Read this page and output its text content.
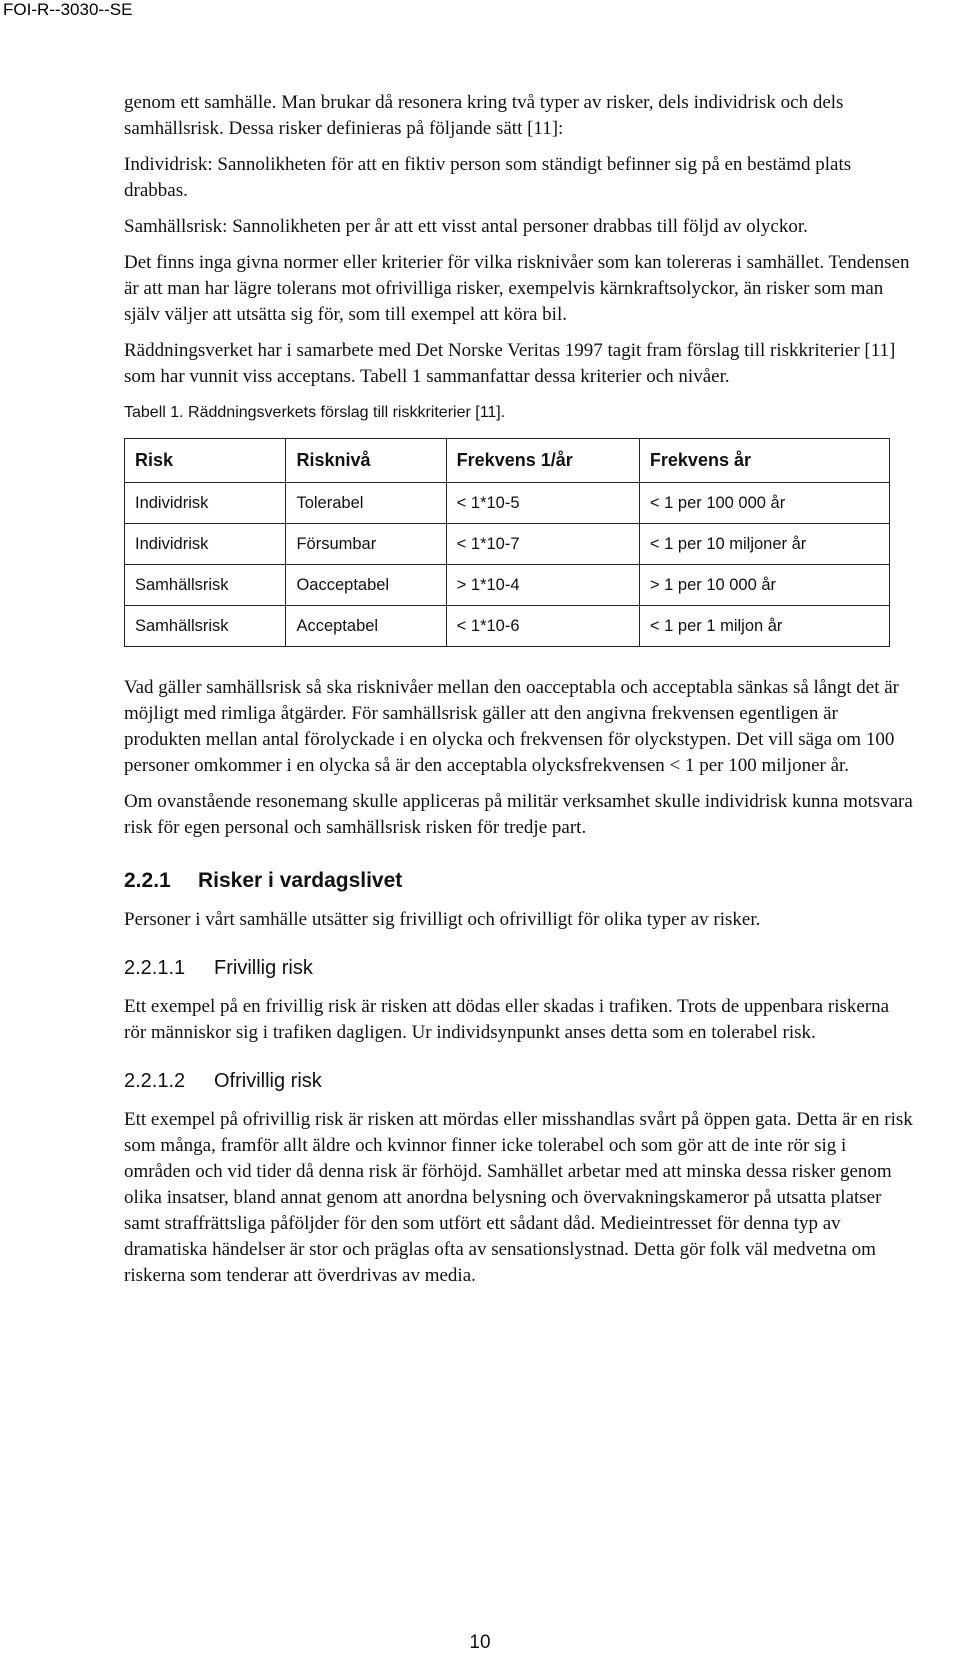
FOI-R--3030--SE

genom ett samhälle. Man brukar då resonera kring två typer av risker, dels individrisk och dels samhällsrisk. Dessa risker definieras på följande sätt [11]:

Individrisk: Sannolikheten för att en fiktiv person som ständigt befinner sig på en bestämd plats drabbas.

Samhällsrisk: Sannolikheten per år att ett visst antal personer drabbas till följd av olyckor.

Det finns inga givna normer eller kriterier för vilka risknivåer som kan tolereras i samhället. Tendensen är att man har lägre tolerans mot ofrivilliga risker, exempelvis kärnkraftsolyckor, än risker som man själv väljer att utsätta sig för, som till exempel att köra bil.

Räddningsverket har i samarbete med Det Norske Veritas 1997 tagit fram förslag till riskkriterier [11] som har vunnit viss acceptans. Tabell 1 sammanfattar dessa kriterier och nivåer.

Tabell 1. Räddningsverkets förslag till riskkriterier [11].
Risk	Risknivå	Frekvens 1/år	Frekvens år
Individrisk	Tolerabel	< 1*10-5	< 1 per 100 000 år
Individrisk	Försumbar	< 1*10-7	< 1 per 10 miljoner år
Samhällsrisk	Oacceptabel	> 1*10-4	> 1 per 10 000 år
Samhällsrisk	Acceptabel	< 1*10-6	< 1 per 1 miljon år

Vad gäller samhällsrisk så ska risknivåer mellan den oacceptabla och acceptabla sänkas så långt det är möjligt med rimliga åtgärder. För samhällsrisk gäller att den angivna frekvensen egentligen är produkten mellan antal förolyckade i en olycka och frekvensen för olyckstypen. Det vill säga om 100 personer omkommer i en olycka så är den acceptabla olycksfrekvensen < 1 per 100 miljoner år.

Om ovanstående resonemang skulle appliceras på militär verksamhet skulle individrisk kunna motsvara risk för egen personal och samhällsrisk risken för tredje part.

2.2.1 Risker i vardagslivet

Personer i vårt samhälle utsätter sig frivilligt och ofrivilligt för olika typer av risker.

2.2.1.1 Frivillig risk

Ett exempel på en frivillig risk är risken att dödas eller skadas i trafiken. Trots de uppenbara riskerna rör människor sig i trafiken dagligen. Ur individsynpunkt anses detta som en tolerabel risk.

2.2.1.2 Ofrivillig risk

Ett exempel på ofrivillig risk är risken att mördas eller misshandlas svårt på öppen gata. Detta är en risk som många, framför allt äldre och kvinnor finner icke tolerabel och som gör att de inte rör sig i områden och vid tider då denna risk är förhöjd. Samhället arbetar med att minska dessa risker genom olika insatser, bland annat genom att anordna belysning och övervakningskameror på utsatta platser samt straffrättsliga påföljder för den som utfört ett sådant dåd. Medieintresset för denna typ av dramatiska händelser är stor och präglas ofta av sensationslystnad. Detta gör folk väl medvetna om riskerna som tenderar att överdrivas av media.

10
